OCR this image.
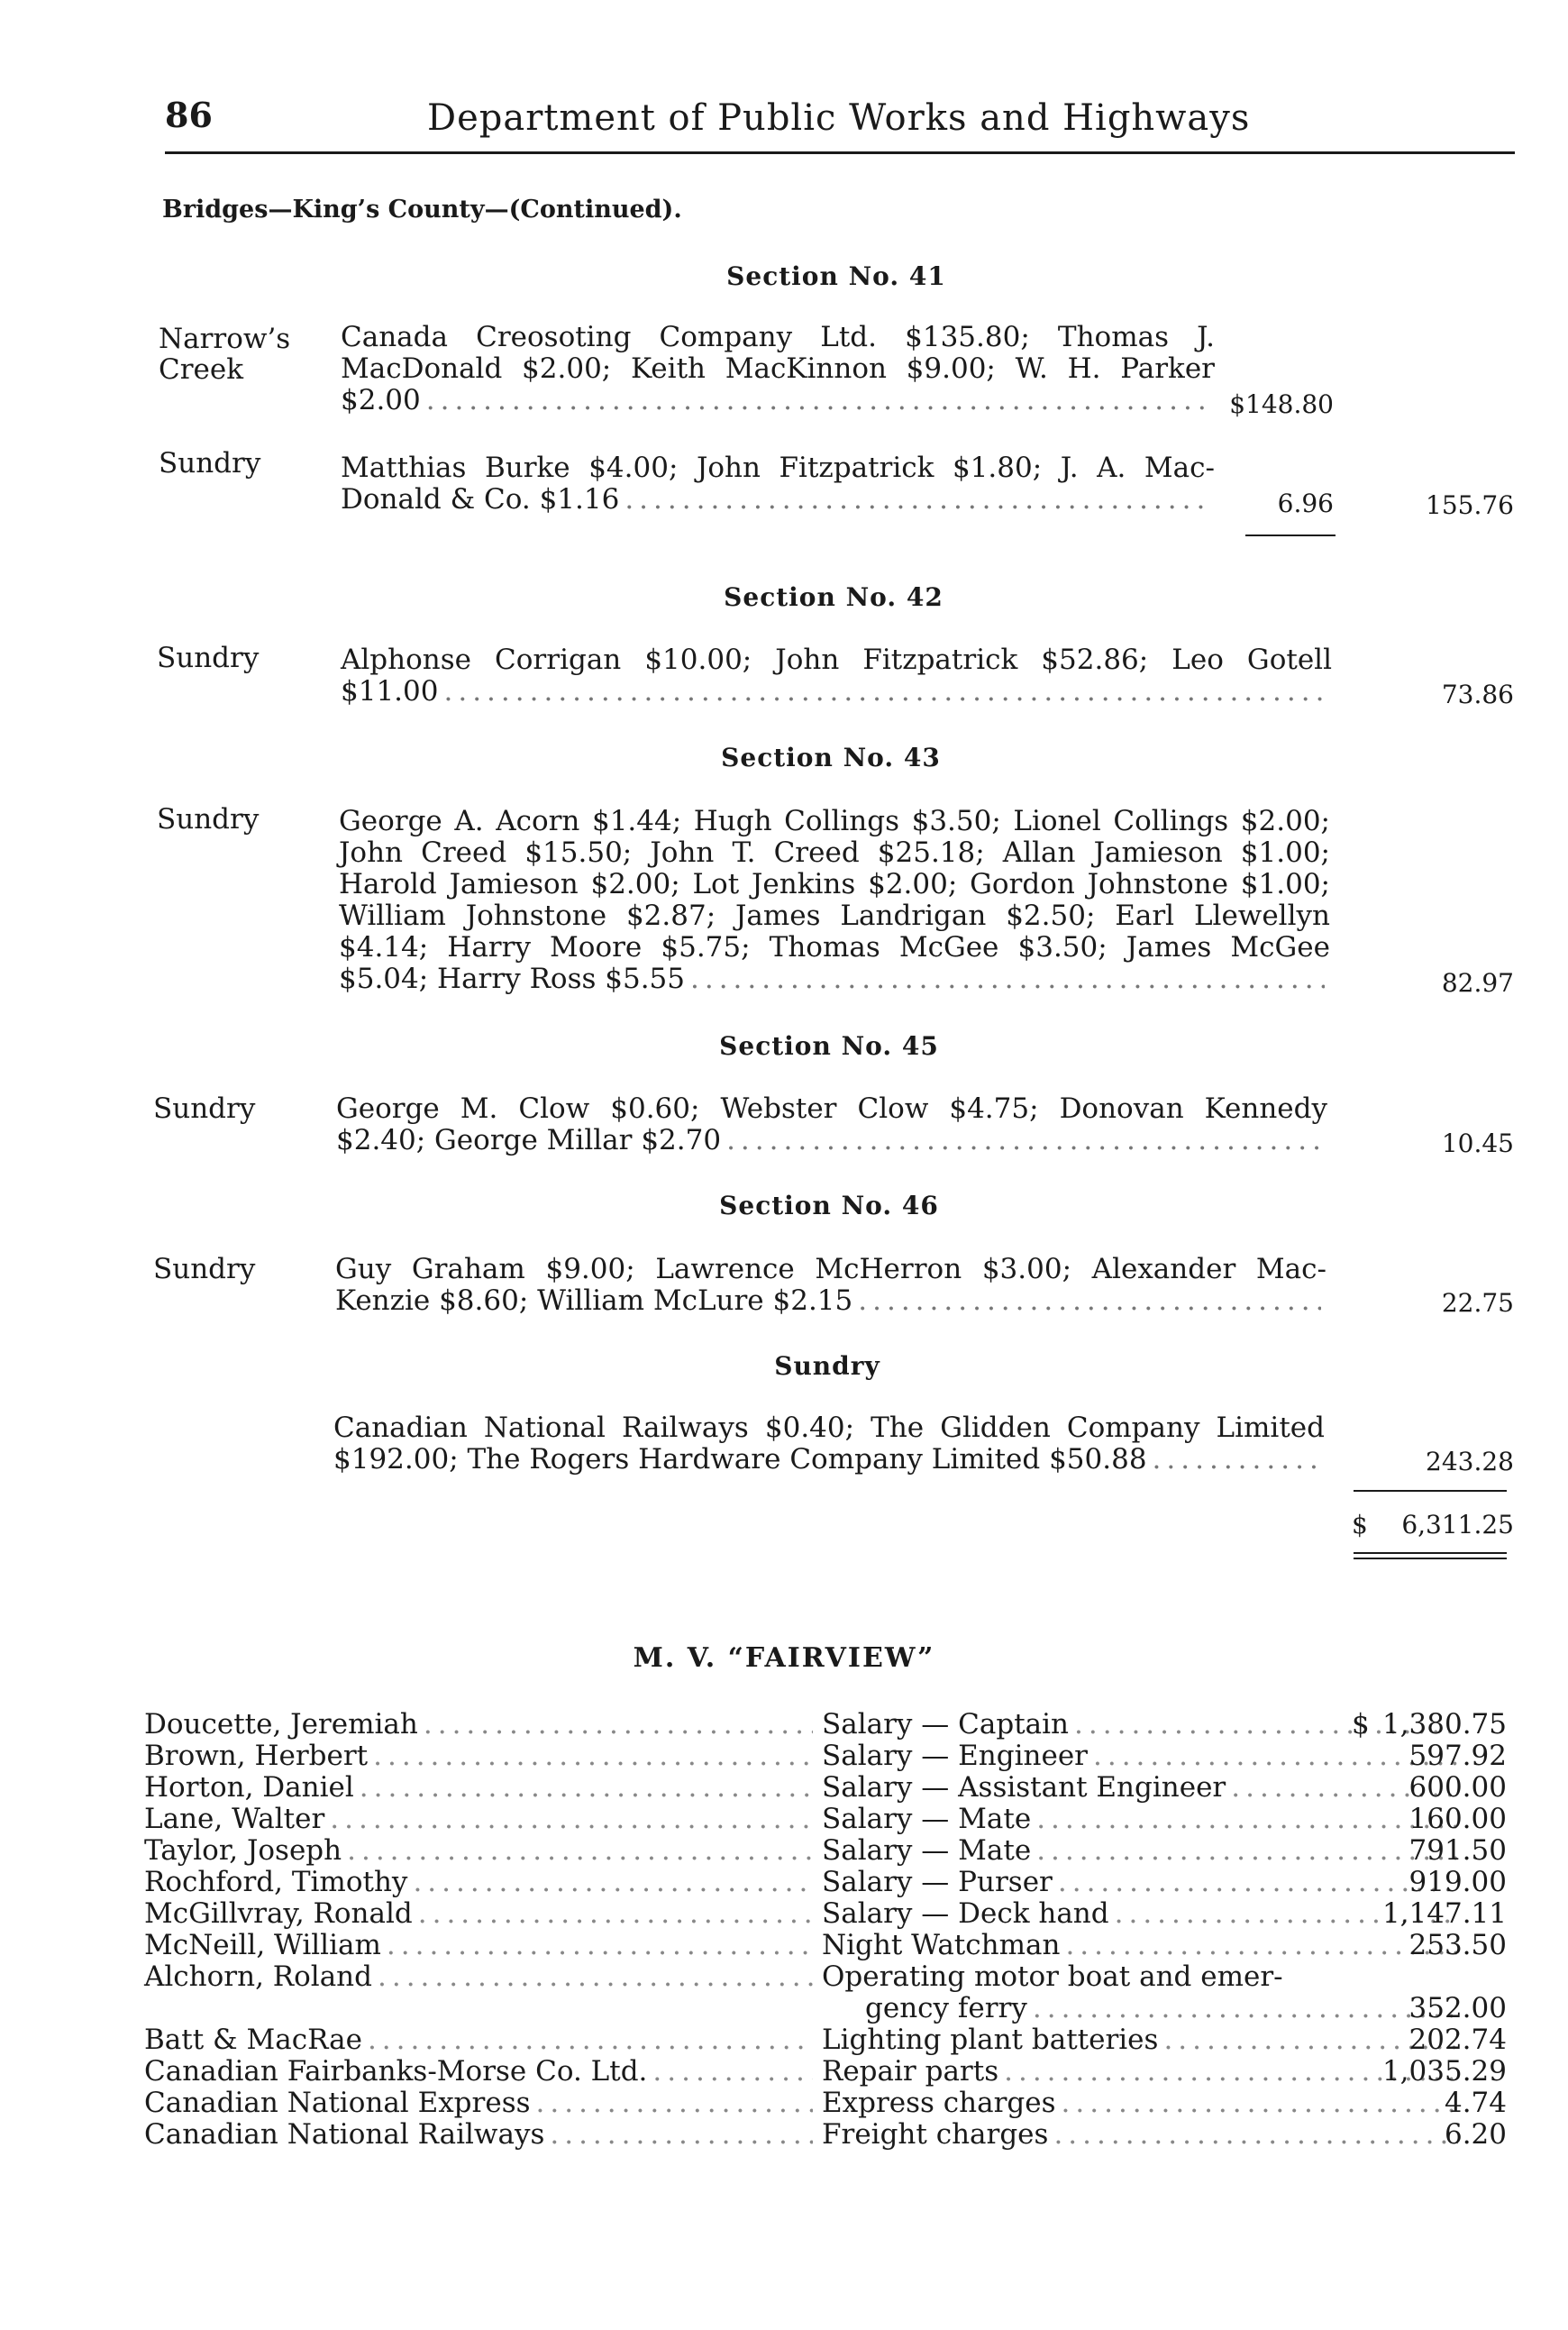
86	Department of Public Works and Highways
Bridges—King’s County—(Continued).
Section No. 41
Narrow’s
Creek
Canada Creosoting Company Ltd. $135.80; Thomas J.
MacDonald $2.00; Keith MacKinnon $9.00; W. H. Parker
$2.00 .....	$148.80
Sundry	Matthias Burke $4.00; John Fitzpatrick $1.80; J. A. Mac-
Donald & Co. $1.16 .....	6.96	155.76
Section No. 42
Sundry	Alphonse Corrigan $10.00; John Fitzpatrick $52.86; Leo Gotell
$11.00 .....	73.86
Section No. 43
Sundry	George A. Acorn $1.44; Hugh Collings $3.50; Lionel Collings $2.00;
John Creed $15.50; John T. Creed $25.18; Allan Jamieson $1.00;
Harold Jamieson $2.00; Lot Jenkins $2.00; Gordon Johnstone $1.00;
William Johnstone $2.87; James Landrigan $2.50; Earl Llewellyn
$4.14; Harry Moore $5.75; Thomas McGee $3.50; James McGee
$5.04; Harry Ross $5.55 .....	82.97
Section No. 45
Sundry	George M. Clow $0.60; Webster Clow $4.75; Donovan Kennedy
$2.40; George Millar $2.70 .....	10.45
Section No. 46
Sundry	Guy Graham $9.00; Lawrence McHerron $3.00; Alexander Mac-
Kenzie $8.60; William McLure $2.15 .....	22.75
Sundry
Canadian National Railways $0.40; The Glidden Company Limited
$192.00; The Rogers Hardware Company Limited $50.88 .....	243.28
$	6,311.25
M. V. “FAIRVIEW”
Doucette, Jeremiah .....	Salary — Captain .....	$ 1,380.75
Brown, Herbert .....	Salary — Engineer .....	597.92
Horton, Daniel .....	Salary — Assistant Engineer .....	600.00
Lane, Walter .....	Salary — Mate .....	160.00
Taylor, Joseph .....	Salary — Mate .....	791.50
Rochford, Timothy .....	Salary — Purser .....	919.00
McGillvray, Ronald .....	Salary — Deck hand .....	1,147.11
McNeill, William .....	Night Watchman .....	253.50
Alchorn, Roland .....	Operating motor boat and emer-
gency ferry .....	352.00
Batt & MacRae .....	Lighting plant batteries .....	202.74
Canadian Fairbanks-Morse Co. Ltd. .....	Repair parts .....	1,035.29
Canadian National Express .....	Express charges .....	4.74
Canadian National Railways .....	Freight charges .....	6.20
